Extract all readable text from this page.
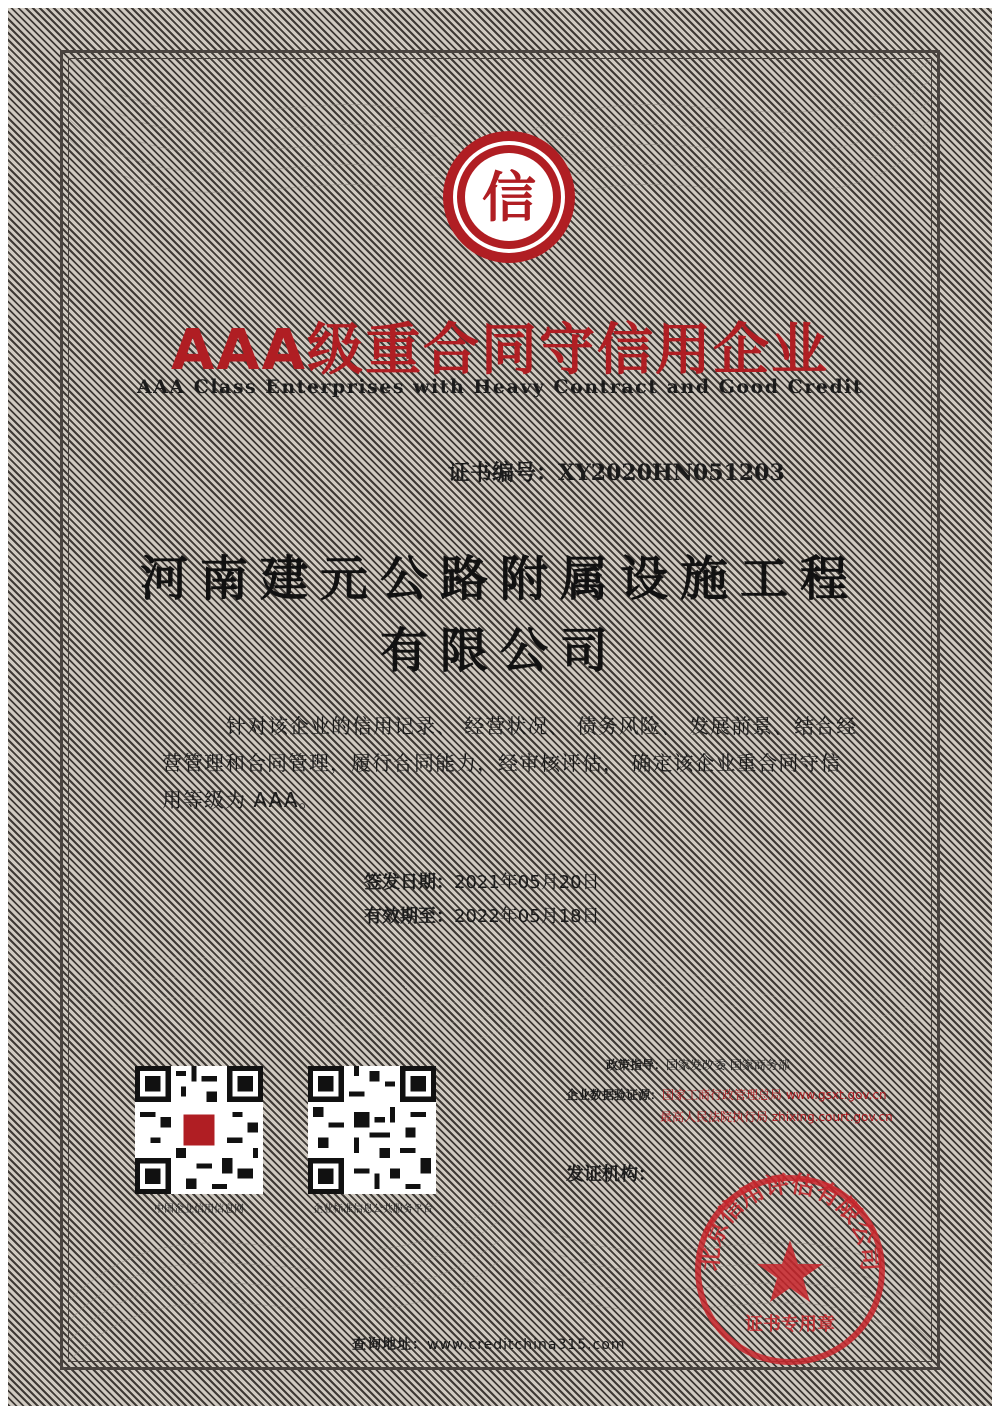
信
AAA级重合同守信用企业
AAA Class Enterprises with Heavy Contract and Good Credit
证书编号：XY2020HN051203
河南建元公路附属设施工程
有限公司
针对该企业的信用记录、 经营状况、 债务风险、 发展前景、结合经营管理和合同管理，履行合同能力，经审核评估， 确定该企业重合同守信用等级为 AAA。
签发日期：2021年05月20日
有效期至：2022年05月18日
中国企业信用信息网	企业标准信息公共服务平台
政策指导：国家发改委 国家商务部
企业数据验证源：国家工商行政管理总局 www.gsxt.gov.cn
最高人民法院执行局 zhixing.court.gov.cn
发证机构：
北京信用评估有限公司
证书专用章
查询地址：www.creditchina315.com
